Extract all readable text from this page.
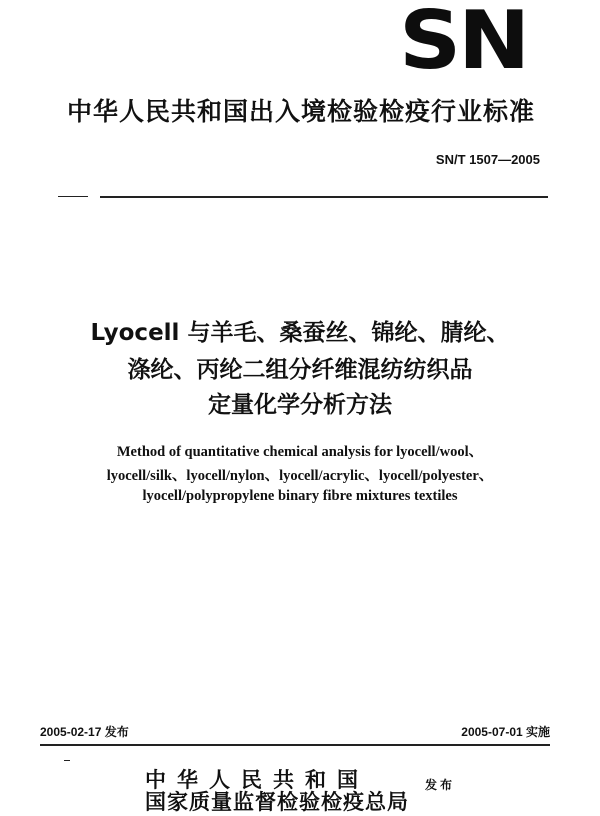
SN
中华人民共和国出入境检验检疫行业标准
SN/T 1507—2005
Lyocell 与羊毛、桑蚕丝、锦纶、腈纶、
涤纶、丙纶二组分纤维混纺纺织品
定量化学分析方法
Method of quantitative chemical analysis for lyocell/wool、
lyocell/silk、lyocell/nylon、lyocell/acrylic、lyocell/polyester、
lyocell/polypropylene binary fibre mixtures textiles
2005-02-17 发布	2005-07-01 实施
中华人民共和国
国家质量监督检验检疫总局
发布
